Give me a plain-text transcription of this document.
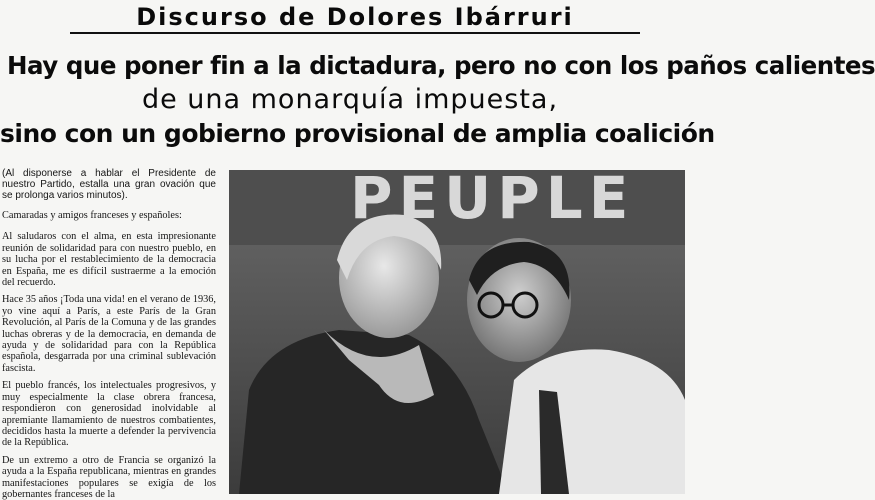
Discurso de Dolores Ibárruri
Hay que poner fin a la dictadura, pero no con los paños calientes
de una monarquía impuesta,
sino con un gobierno provisional de amplia coalición

(Al disponerse a hablar el Presidente de nuestro Partido, estalla una gran ovación que se prolonga varios minutos).

Camaradas y amigos franceses y españoles:

Al saludaros con el alma, en esta impresionante reunión de solidaridad para con nuestro pueblo, en su lucha por el restablecimiento de la democracia en España, me es difícil sustraerme a la emoción del recuerdo.

Hace 35 años ¡Toda una vida! en el verano de 1936, yo vine aquí a París, a este París de la Gran Revolución, al París de la Comuna y de las grandes luchas obreras y de la democracia, en demanda de ayuda y de solidaridad para con la República española, desgarrada por una criminal sublevación fascista.

El pueblo francés, los intelectuales progresivos, y muy especialmente la clase obrera francesa, respondieron con generosidad inolvidable al apremiante llamamiento de nuestros combatientes, decididos hasta la muerte a defender la pervivencia de la República.

De un extremo a otro de Francia se organizó la ayuda a la España republicana, mientras en grandes manifestaciones populares se exigía de los gobernantes franceses de la

PEUPLE
